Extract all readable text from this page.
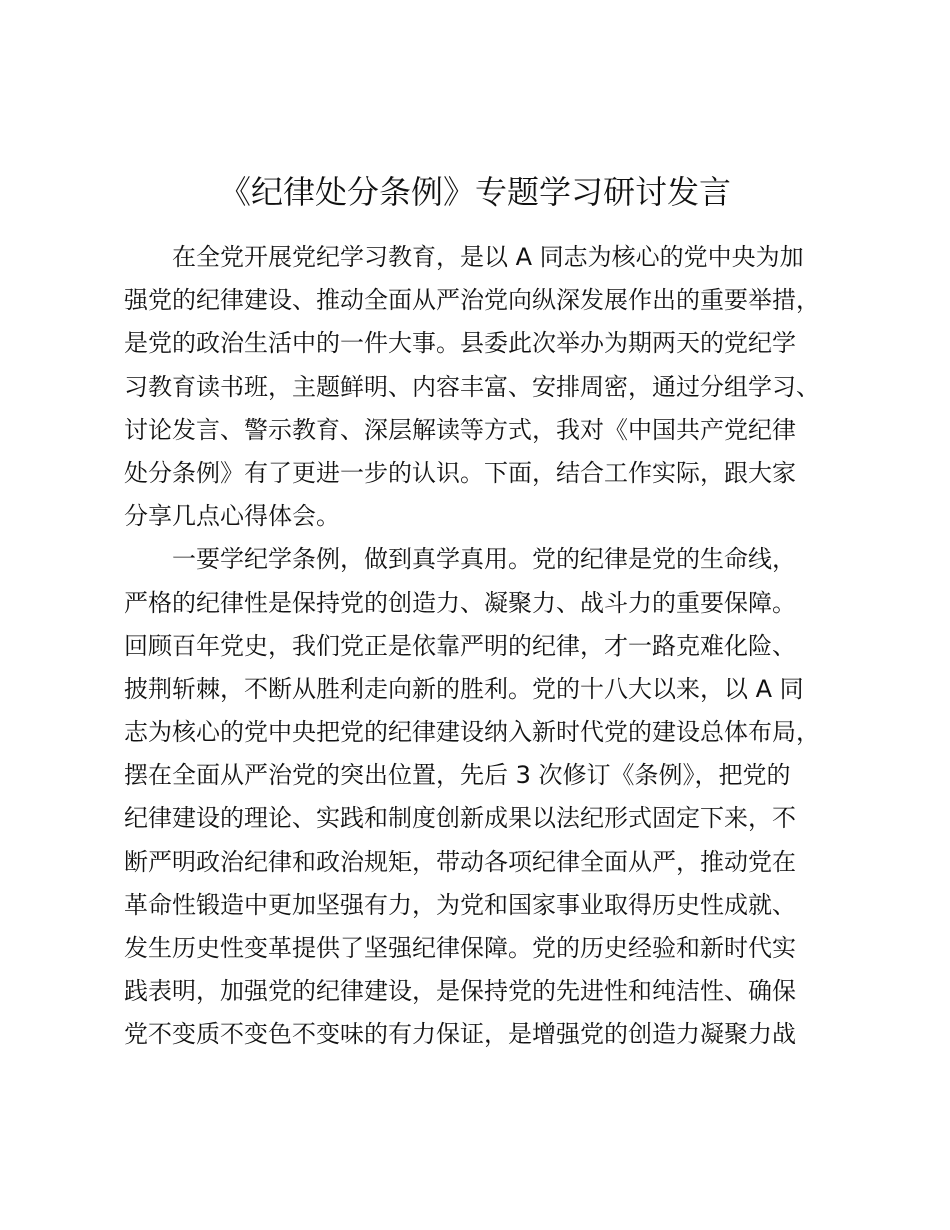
《纪律处分条例》专题学习研讨发言
在全党开展党纪学习教育，是以 A 同志为核心的党中央为加
强党的纪律建设、推动全面从严治党向纵深发展作出的重要举措，
是党的政治生活中的一件大事。县委此次举办为期两天的党纪学
习教育读书班，主题鲜明、内容丰富、安排周密，通过分组学习、
讨论发言、警示教育、深层解读等方式，我对《中国共产党纪律
处分条例》有了更进一步的认识。下面，结合工作实际，跟大家
分享几点心得体会。
一要学纪学条例，做到真学真用。党的纪律是党的生命线，
严格的纪律性是保持党的创造力、凝聚力、战斗力的重要保障。
回顾百年党史，我们党正是依靠严明的纪律，才一路克难化险、
披荆斩棘，不断从胜利走向新的胜利。党的十八大以来，以 A 同
志为核心的党中央把党的纪律建设纳入新时代党的建设总体布局，
摆在全面从严治党的突出位置，先后 3 次修订《条例》，把党的
纪律建设的理论、实践和制度创新成果以法纪形式固定下来，不
断严明政治纪律和政治规矩，带动各项纪律全面从严，推动党在
革命性锻造中更加坚强有力，为党和国家事业取得历史性成就、
发生历史性变革提供了坚强纪律保障。党的历史经验和新时代实
践表明，加强党的纪律建设，是保持党的先进性和纯洁性、确保
党不变质不变色不变味的有力保证，是增强党的创造力凝聚力战
